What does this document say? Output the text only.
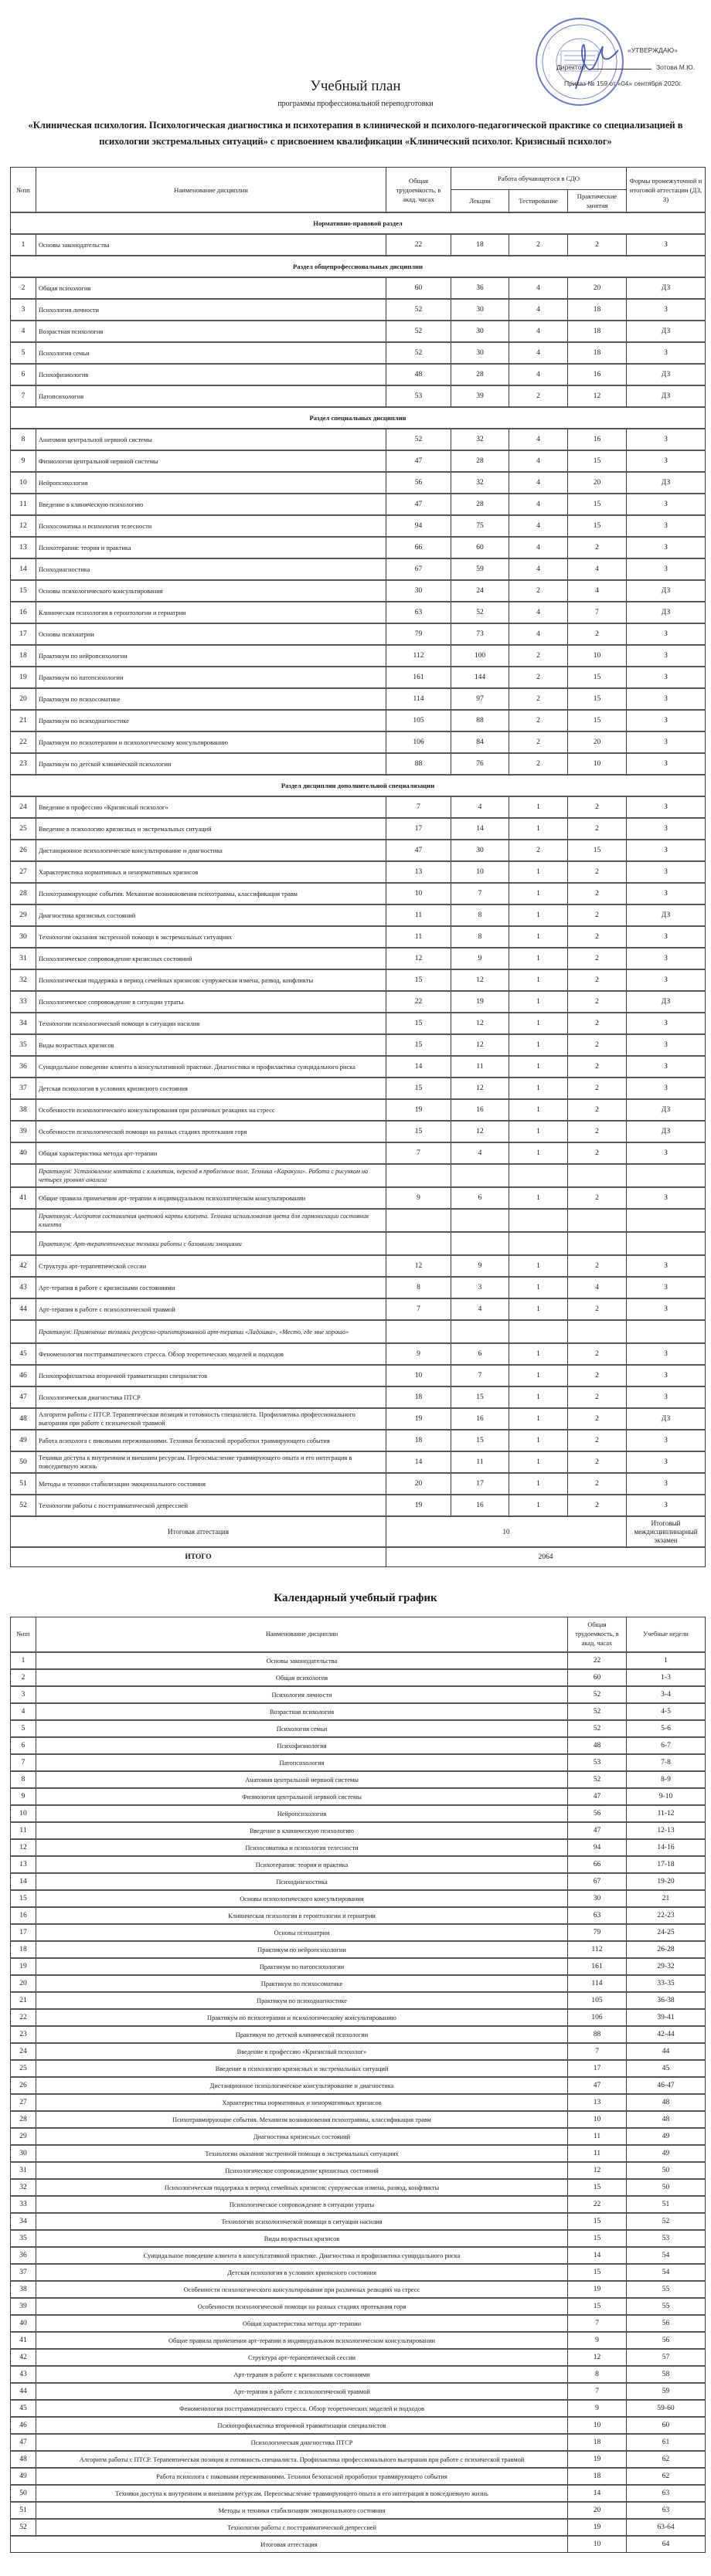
«УТВЕРЖДАЮ»
Директор	Зотова М.Ю.
Приказ № 159 от «04» сентября 2020г.
Учебный план
программы профессиональной переподготовки
«Клиническая психология. Психологическая диагностика и психотерапия в клинической и психолого-педагогической практике со специализацией в психологии экстремальных ситуаций» с присвоением квалификации «Клинический психолог. Кризисный психолог»
№пп	Наименование дисциплин	Общая трудоемкость, в акад. часах	Работа обучающегося в СДО			Формы промежуточной и итоговой аттестации (ДЗ, З)
			Лекции	Тестирование	Практические занятия	
Нормативно-правовой раздел						
1	Основы законодательства	22	18	2	2	З
Раздел общепрофессиональных дисциплин						
2	Общая психология	60	36	4	20	ДЗ
3	Психология личности	52	30	4	18	З
4	Возрастная психология	52	30	4	18	ДЗ
5	Психология семьи	52	30	4	18	З
6	Психофизиология	48	28	4	16	ДЗ
7	Патопсихология	53	39	2	12	ДЗ
Раздел специальных дисциплин						
8	Анатомия центральной нервной системы	52	32	4	16	З
9	Физиология центральной нервной системы	47	28	4	15	З
10	Нейропсихология	56	32	4	20	ДЗ
11	Введение в клиническую психологию	47	28	4	15	З
12	Психосоматика и психология телесности	94	75	4	15	З
13	Психотерапия: теория и практика	66	60	4	2	З
14	Психодиагностика	67	59	4	4	З
15	Основы психологического консультирования	30	24	2	4	ДЗ
16	Клиническая психология в геронтологии и гериатрии	63	52	4	7	ДЗ
17	Основы психиатрии	79	73	4	2	З
18	Практикум по нейропсихологии	112	100	2	10	З
19	Практикум по патопсихологии	161	144	2	15	З
20	Практикум по психосоматике	114	97	2	15	З
21	Практикум по психодиагностике	105	88	2	15	З
22	Практикум по психотерапии и психологическому консультированию	106	84	2	20	З
23	Практикум по детской клинической психологии	88	76	2	10	З
Раздел дисциплин дополнительной специализации						
24	Введение в профессию «Кризисный психолог»	7	4	1	2	З
25	Введение в психологию кризисных и экстремальных ситуаций	17	14	1	2	З
26	Дистанционное психологическое консультирование и диагностика	47	30	2	15	З
27	Характеристика нормативных и ненормативных кризисов	13	10	1	2	З
28	Психотравмирующие события. Механизм возникновения психотравмы, классификация травм	10	7	1	2	З
29	Диагностика кризисных состояний	11	8	1	2	ДЗ
30	Технологии оказания экстренной помощи в экстремальных ситуациях	11	8	1	2	З
31	Психологическое сопровождение кризисных состояний	12	9	1	2	З
32	Психологическая поддержка в период семейных кризисов: супружеская измена, развод, конфликты	15	12	1	2	З
33	Психологическое сопровождение в ситуации утраты	22	19	1	2	ДЗ
34	Технологии психологической помощи в ситуации насилия	15	12	1	2	З
35	Виды возрастных кризисов	15	12	1	2	З
36	Суицидальное поведение клиента в консультативной практике. Диагностика и профилактика суицидального риска	14	11	1	2	З
37	Детская психология в условиях кризисного состояния	15	12	1	2	З
38	Особенности психологического консультирования при различных реакциях на стресс	19	16	1	2	ДЗ
39	Особенности психологической помощи на разных стадиях протекания горя	15	12	1	2	ДЗ
40	Общая характеристика метода арт-терапии	7	4	1	2	З
	Практикум: Установление контакта с клиентом, переход в проблемное поле. Техника «Каракули». Работа с рисунком на четырех уровнях анализа					
41	Общие правила применения арт-терапии в индивидуальном психологическом консультировании	9	6	1	2	З
	Практикум: Алгоритм составления цветовой карты клиента. Техника использования цвета для гармонизации состояния клиента					
	Практикум: Арт-терапевтические техники работы с базовыми эмоциями					
42	Структура арт-терапевтической сессии	12	9	1	2	З
43	Арт-терапия в работе с кризисными состояниями	8	3	1	4	З
44	Арт-терапия в работе с психологической травмой	7	4	1	2	З
	Практикум: Применение техники ресурсно-ориентированной арт-терапии «Ладошка», «Место, где мне хорошо»					
45	Феноменология посттравматического стресса. Обзор теоретических моделей и подходов	9	6	1	2	З
46	Психопрофилактика вторичной травматизации специалистов	10	7	1	2	З
47	Психологическая диагностика ПТСР	18	15	1	2	З
48	Алгоритм работы с ПТСР. Терапевтическая позиция и готовность специалиста. Профилактика профессионального выгорания при работе с психической травмой	19	16	1	2	ДЗ
49	Работа психолога с пиковыми переживаниями. Техники безопасной проработки травмирующего события	18	15	1	2	З
50	Техники доступа к внутренним и внешним ресурсам. Переосмысление травмирующего опыта и его интеграция в повседневную жизнь	14	11	1	2	З
51	Методы и техники стабилизации эмоционального состояния	20	17	1	2	З
52	Технологии работы с посттравматической депрессией	19	16	1	2	З
Итоговая аттестация		10				Итоговый междисциплинарный экзамен
ИТОГО		2064				
Календарный учебный график
№пп	Наименование дисциплин	Общая трудоемкость, в акад. часах	Учебные недели
1	Основы законодательства	22	1
2	Общая психология	60	1-3
3	Психология личности	52	3-4
4	Возрастная психология	52	4-5
5	Психология семьи	52	5-6
6	Психофизиология	48	6-7
7	Патопсихология	53	7-8
8	Анатомия центральной нервной системы	52	8-9
9	Физиология центральной нервной системы	47	9-10
10	Нейропсихология	56	11-12
11	Введение в клиническую психологию	47	12-13
12	Психосоматика и психология телесности	94	14-16
13	Психотерапия: теория и практика	66	17-18
14	Психодиагностика	67	19-20
15	Основы психологического консультирования	30	21
16	Клиническая психология в геронтологии и гериатрии	63	22-23
17	Основы психиатрии	79	24-25
18	Практикум по нейропсихологии	112	26-28
19	Практикум по патопсихологии	161	29-32
20	Практикум по психосоматике	114	33-35
21	Практикум по психодиагностике	105	36-38
22	Практикум по психотерапии и психологическому консультированию	106	39-41
23	Практикум по детской клинической психологии	88	42-44
24	Введение в профессию «Кризисный психолог»	7	44
25	Введение в психологию кризисных и экстремальных ситуаций	17	45
26	Дистанционное психологическое консультирование и диагностика	47	46-47
27	Характеристика нормативных и ненормативных кризисов	13	48
28	Психотравмирующие события. Механизм возникновения психотравмы, классификация травм	10	48
29	Диагностика кризисных состояний	11	49
30	Технологии оказания экстренной помощи в экстремальных ситуациях	11	49
31	Психологическое сопровождение кризисных состояний	12	50
32	Психологическая поддержка в период семейных кризисов: супружеская измена, развод, конфликты	15	50
33	Психологическое сопровождение в ситуации утраты	22	51
34	Технологии психологической помощи в ситуации насилия	15	52
35	Виды возрастных кризисов	15	53
36	Суицидальное поведение клиента в консультативной практике. Диагностика и профилактика суицидального риска	14	54
37	Детская психология в условиях кризисного состояния	15	54
38	Особенности психологического консультирования при различных реакциях на стресс	19	55
39	Особенности психологической помощи на разных стадиях протекания горя	15	55
40	Общая характеристика метода арт-терапии	7	56
41	Общие правила применения арт-терапии в индивидуальном психологическом консультировании	9	56
42	Структура арт-терапевтической сессии	12	57
43	Арт-терапия в работе с кризисными состояниями	8	58
44	Арт-терапия в работе с психологической травмой	7	59
45	Феноменология посттравматического стресса. Обзор теоретических моделей и подходов	9	59-60
46	Психопрофилактика вторичной травматизации специалистов	10	60
47	Психологическая диагностика ПТСР	18	61
48	Алгоритм работы с ПТСР. Терапевтическая позиция и готовность специалиста. Профилактика профессионального выгорания при работе с психической травмой	19	62
49	Работа психолога с пиковыми переживаниями. Техники безопасной проработки травмирующего события	18	62
50	Техники доступа к внутренним и внешним ресурсам. Переосмысление травмирующего опыта и его интеграция в повседневную жизнь	14	63
51	Методы и техники стабилизации эмоционального состояния	20	63
52	Технологии работы с посттравматической депрессией	19	63-64
Итоговая аттестация		10	64
